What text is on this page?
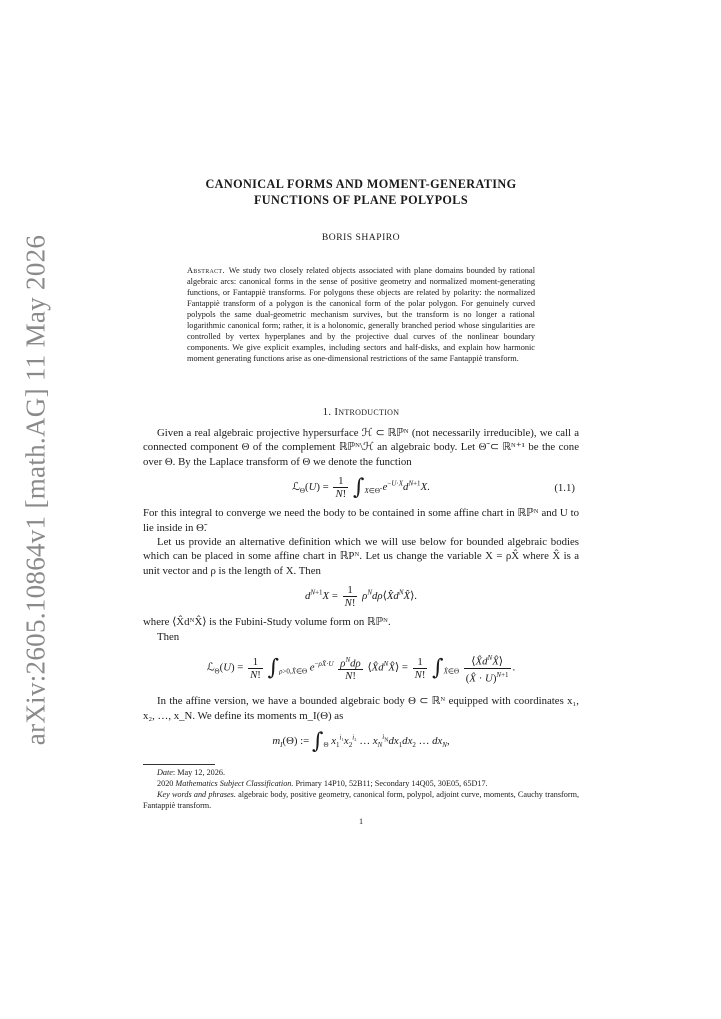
arXiv:2605.10864v1 [math.AG] 11 May 2026
CANONICAL FORMS AND MOMENT-GENERATING
FUNCTIONS OF PLANE POLYPOLS
BORIS SHAPIRO
Abstract. We study two closely related objects associated with plane domains bounded by rational algebraic arcs: canonical forms in the sense of positive geometry and normalized moment-generating functions, or Fantappiè transforms. For polygons these objects are related by polarity: the normalized Fantappiè transform of a polygon is the canonical form of the polar polygon. For genuinely curved polypols the same dual-geometric mechanism survives, but the transform is no longer a rational logarithmic canonical form; rather, it is a holonomic, generally branched period whose singularities are controlled by vertex hyperplanes and by the projective dual curves of the nonlinear boundary components. We give explicit examples, including sectors and half-disks, and explain how harmonic moment generating functions arise as one-dimensional restrictions of the same Fantappiè transform.
1. Introduction

Given a real algebraic projective hypersurface ℋ ⊂ ℝℙᴺ (not necessarily irreducible), we call a connected component Θ of the complement ℝℙᴺ\ℋ an algebraic body. Let Θ̃ ⊂ ℝᴺ⁺¹ be the cone over Θ. By the Laplace transform of Θ we denote the function

ℒ$_\Theta$(U) = $\frac{1}{N!} \int_{X\in\Thetã}$ $e^{-U\cdot X}d^{N+1}X$.	(1.1)

For this integral to converge we need the body to be contained in some affine chart in ℝℙᴺ and U to lie inside in Θ̃.

Let us provide an alternative definition which we will use below for bounded algebraic bodies which can be placed in some affine chart in ℝPᴺ. Let us change the variable X = ρX̂ where X̂ is a unit vector and ρ is the length of X. Then

$d^{N+1}X = \frac{1}{N!}$ $\rho^Nd\rho⟨X̂d^NX̂⟩$.

where ⟨X̂dᴺX̂⟩ is the Fubini-Study volume form on ℝℙᴺ.

Then

ℒ$_\Theta$(U) = $\frac{1}{N!} \int_{\rho>0,X̂\in\Theta}$ $e^{-\rho X̂\cdot U} \frac{\rho^Nd\rho}{N!}$ $⟨X̂d^NX̂⟩ = \frac{1}{N!} \int_{X̂\in\Theta} \frac{⟨X̂d^NX̂⟩}{(X̂ \cdot U)^{N+1}}$ .

In the affine version, we have a bounded algebraic body Θ ⊂ ℝᴺ equipped with coordinates x₁, x₂, …, x_N. We define its moments m_I(Θ) as

$m_I(\Theta)$ := $\int_\Theta$ $x_1^{i_1}x_2^{i_2}$ … $x_N^{i_N}dx_1dx_2$ … $dx_N$,
Date: May 12, 2026.
2020 Mathematics Subject Classification. Primary 14P10, 52B11; Secondary 14Q05, 30E05, 65D17.
Key words and phrases. algebraic body, positive geometry, canonical form, polypol, adjoint curve, moments, Cauchy transform, Fantappiè transform.
1
